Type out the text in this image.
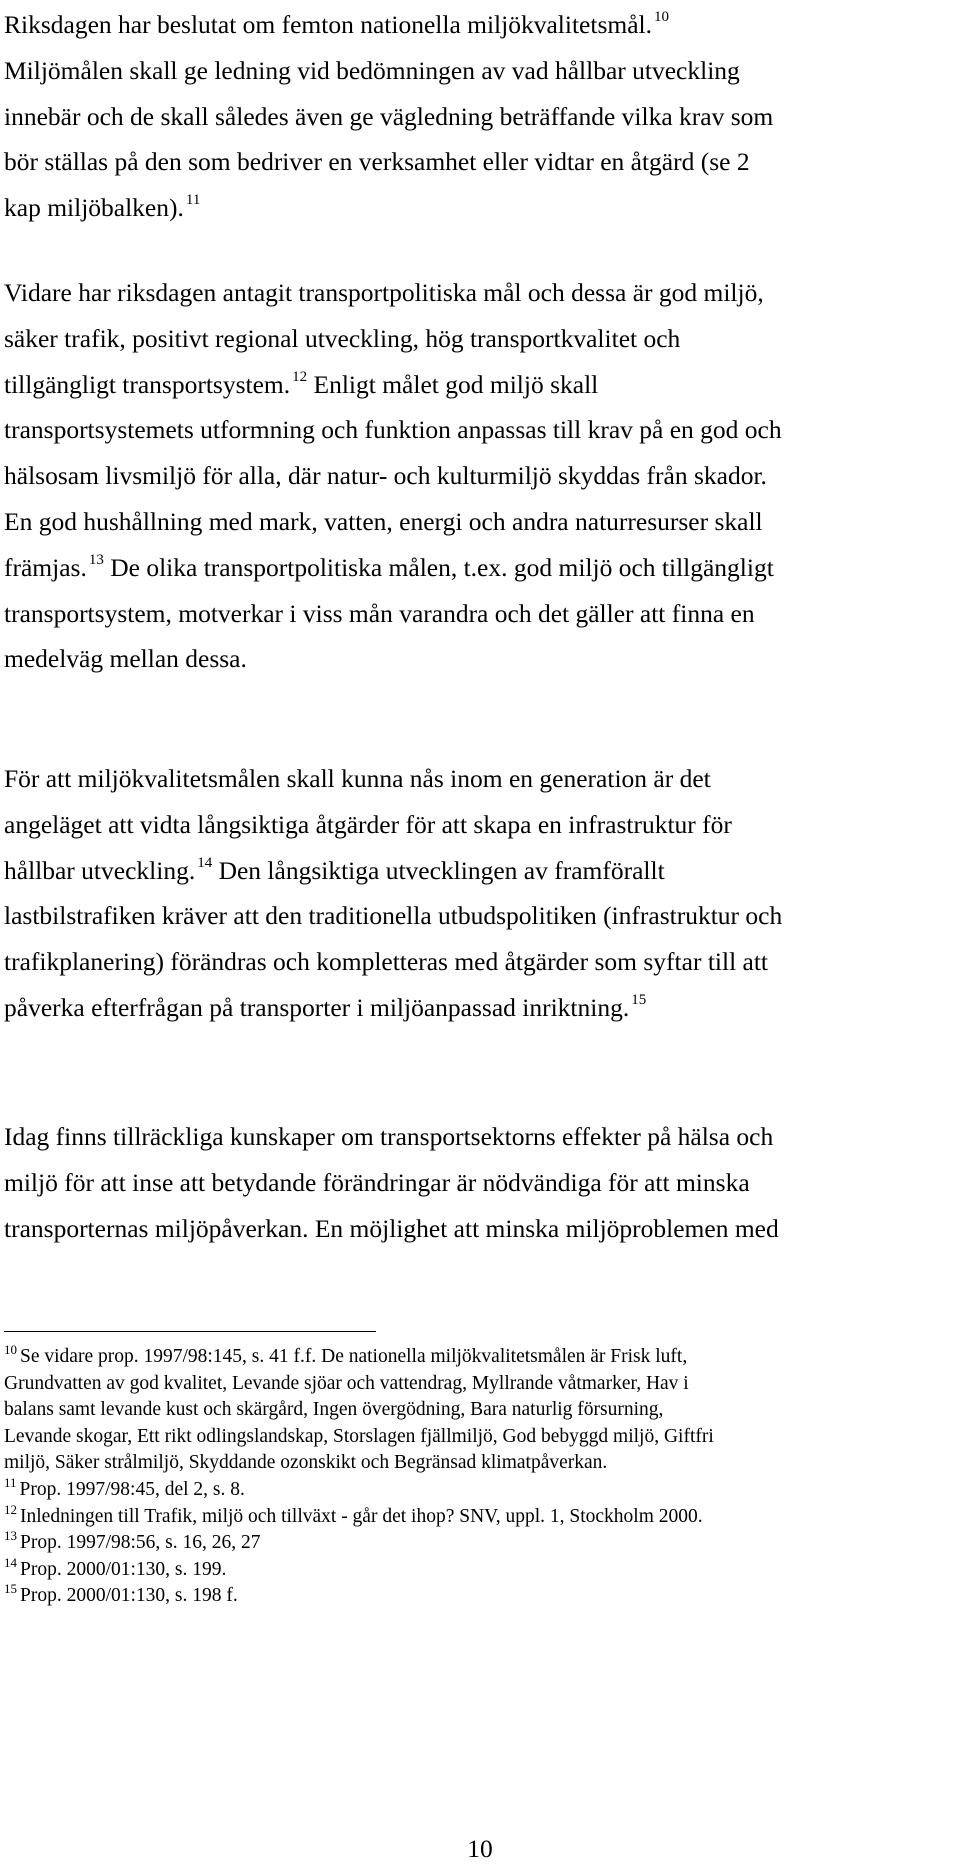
Riksdagen har beslutat om femton nationella miljökvalitetsmål. $^{10}$
Miljömålen skall ge ledning vid bedömningen av vad hållbar utveckling
innebär och de skall således även ge vägledning beträffande vilka krav som
bör ställas på den som bedriver en verksamhet eller vidtar en åtgärd (se 2
kap miljöbalken). $^{11}$

Vidare har riksdagen antagit transportpolitiska mål och dessa är god miljö,
säker trafik, positivt regional utveckling, hög transportkvalitet och
tillgängligt transportsystem. $^{12}$ Enligt målet god miljö skall
transportsystemets utformning och funktion anpassas till krav på en god och
hälsosam livsmiljö för alla, där natur- och kulturmiljö skyddas från skador.
En god hushållning med mark, vatten, energi och andra naturresurser skall
främjas. $^{13}$ De olika transportpolitiska målen, t.ex. god miljö och tillgängligt
transportsystem, motverkar i viss mån varandra och det gäller att finna en
medelväg mellan dessa.

För att miljökvalitetsmålen skall kunna nås inom en generation är det
angeläget att vidta långsiktiga åtgärder för att skapa en infrastruktur för
hållbar utveckling. $^{14}$ Den långsiktiga utvecklingen av framförallt
lastbilstrafiken kräver att den traditionella utbudspolitiken (infrastruktur och
trafikplanering) förändras och kompletteras med åtgärder som syftar till att
påverka efterfrågan på transporter i miljöanpassad inriktning. $^{15}$

Idag finns tillräckliga kunskaper om transportsektorns effekter på hälsa och
miljö för att inse att betydande förändringar är nödvändiga för att minska
transporternas miljöpåverkan. En möjlighet att minska miljöproblemen med

$^{10}$ Se vidare prop. 1997/98:145, s. 41 f.f. De nationella miljökvalitetsmålen är Frisk luft,
Grundvatten av god kvalitet, Levande sjöar och vattendrag, Myllrande våtmarker, Hav i
balans samt levande kust och skärgård, Ingen övergödning, Bara naturlig försurning,
Levande skogar, Ett rikt odlingslandskap, Storslagen fjällmiljö, God bebyggd miljö, Giftfri
miljö, Säker strålmiljö, Skyddande ozonskikt och Begränsad klimatpåverkan.
$^{11}$ Prop. 1997/98:45, del 2, s. 8.
$^{12}$ Inledningen till Trafik, miljö och tillväxt - går det ihop? SNV, uppl. 1, Stockholm 2000.
$^{13}$ Prop. 1997/98:56, s. 16, 26, 27
$^{14}$ Prop. 2000/01:130, s. 199.
$^{15}$ Prop. 2000/01:130, s. 198 f.
10
